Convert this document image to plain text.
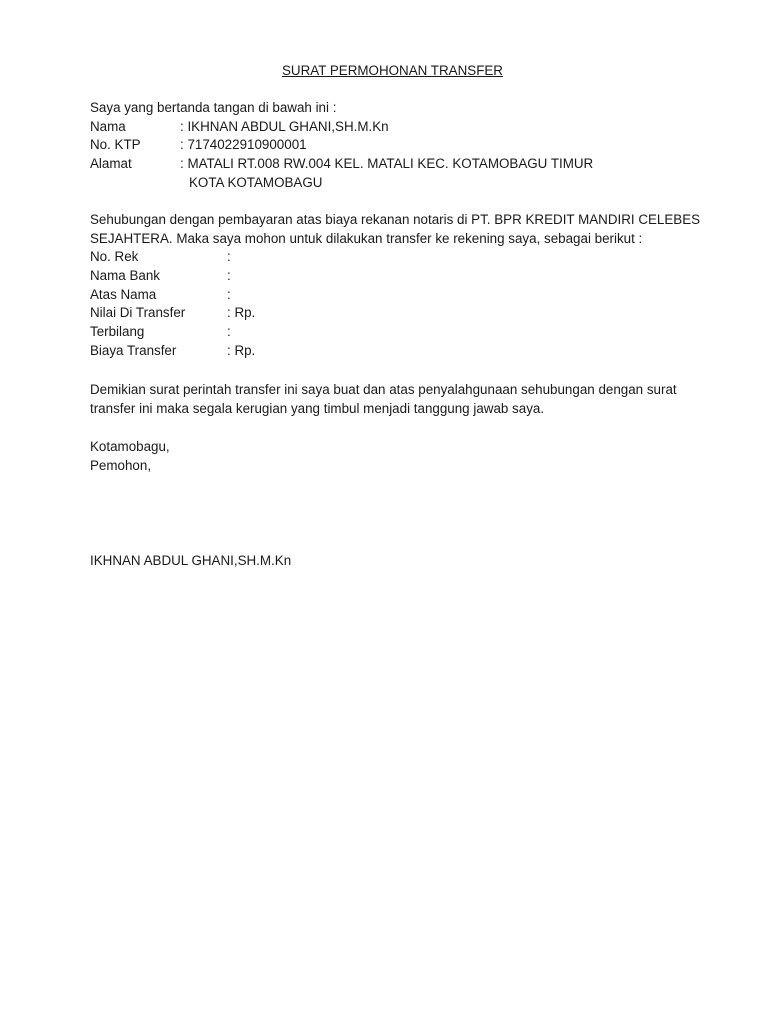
SURAT PERMOHONAN TRANSFER
Saya yang bertanda tangan di bawah ini :
Nama	: IKHNAN ABDUL GHANI,SH.M.Kn
No. KTP	: 7174022910900001
Alamat	: MATALI RT.008 RW.004 KEL. MATALI KEC. KOTAMOBAGU TIMUR
KOTA KOTAMOBAGU
Sehubungan dengan pembayaran atas biaya rekanan notaris di PT. BPR KREDIT MANDIRI CELEBES
SEJAHTERA. Maka saya mohon untuk dilakukan transfer ke rekening saya, sebagai berikut :
No. Rek	:
Nama Bank	:
Atas Nama	:
Nilai Di Transfer	: Rp.
Terbilang	:
Biaya Transfer	: Rp.
Demikian surat perintah transfer ini saya buat dan atas penyalahgunaan sehubungan dengan surat
transfer ini maka segala kerugian yang timbul menjadi tanggung jawab saya.
Kotamobagu,
Pemohon,
IKHNAN ABDUL GHANI,SH.M.Kn
